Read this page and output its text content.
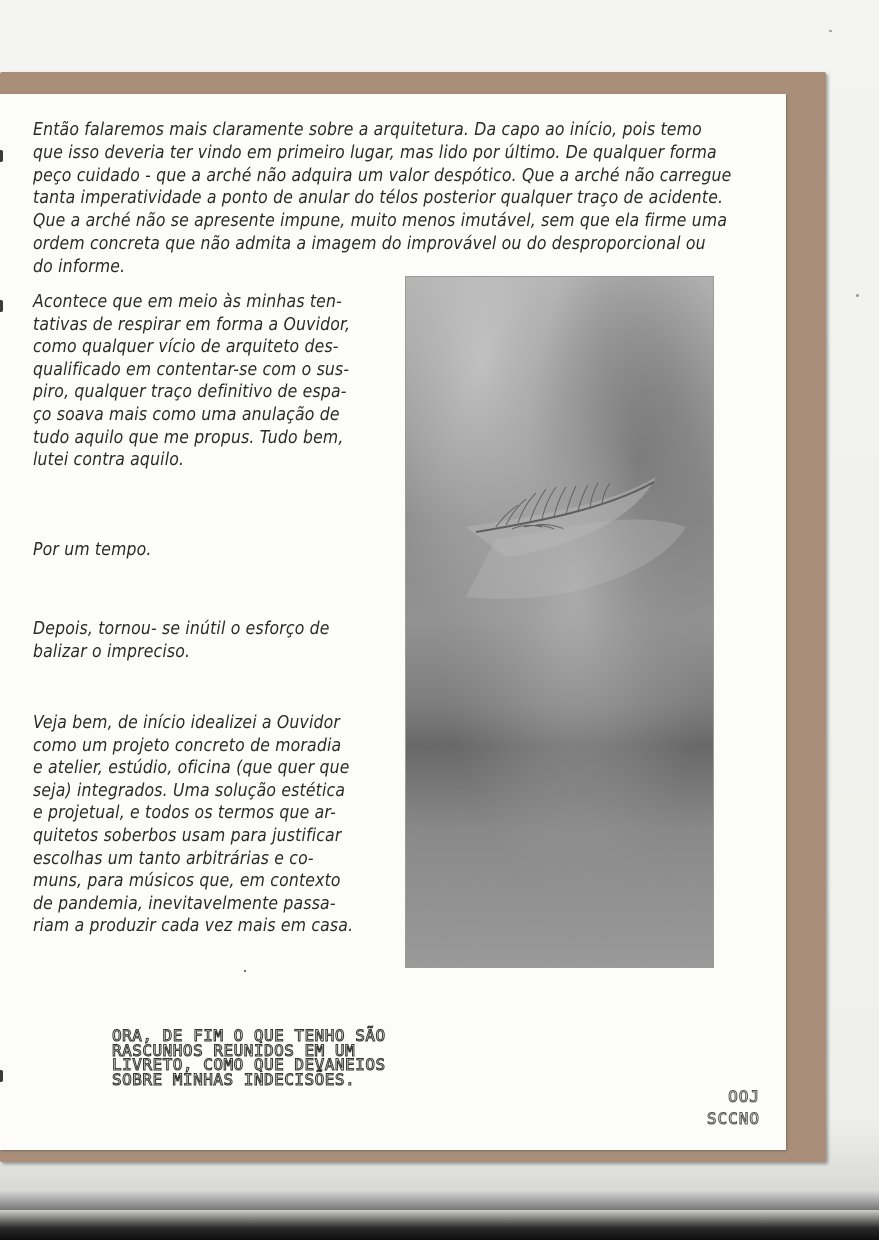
Então falaremos mais claramente sobre a arquitetura. Da capo ao início, pois temo
que isso deveria ter vindo em primeiro lugar, mas lido por último. De qualquer forma
peço cuidado - que a arché não adquira um valor despótico. Que a arché não carregue
tanta imperatividade a ponto de anular do télos posterior qualquer traço de acidente.
Que a arché não se apresente impune, muito menos imutável, sem que ela firme uma
ordem concreta que não admita a imagem do improvável ou do desproporcional ou
do informe.
Acontece que em meio às minhas ten-
tativas de respirar em forma a Ouvidor,
como qualquer vício de arquiteto des-
qualificado em contentar-se com o sus-
piro, qualquer traço definitivo de espa-
ço soava mais como uma anulação de
tudo aquilo que me propus. Tudo bem,
lutei contra aquilo.
Por um tempo.
Depois, tornou- se inútil o esforço de
balizar o impreciso.
Veja bem, de início idealizei a Ouvidor
como um projeto concreto de moradia
e atelier, estúdio, oficina (que quer que
seja) integrados. Uma solução estética
e projetual, e todos os termos que ar-
quitetos soberbos usam para justificar
escolhas um tanto arbitrárias e co-
muns, para músicos que, em contexto
de pandemia, inevitavelmente passa-
riam a produzir cada vez mais em casa.
ORA, DE FIM O QUE TENHO SÃO
RASCUNHOS REUNIDOS EM UM
LIVRETO, COMO QUE DEVANEIOS
SOBRE MINHAS INDECISÕES.
OOJ
SCCNO
